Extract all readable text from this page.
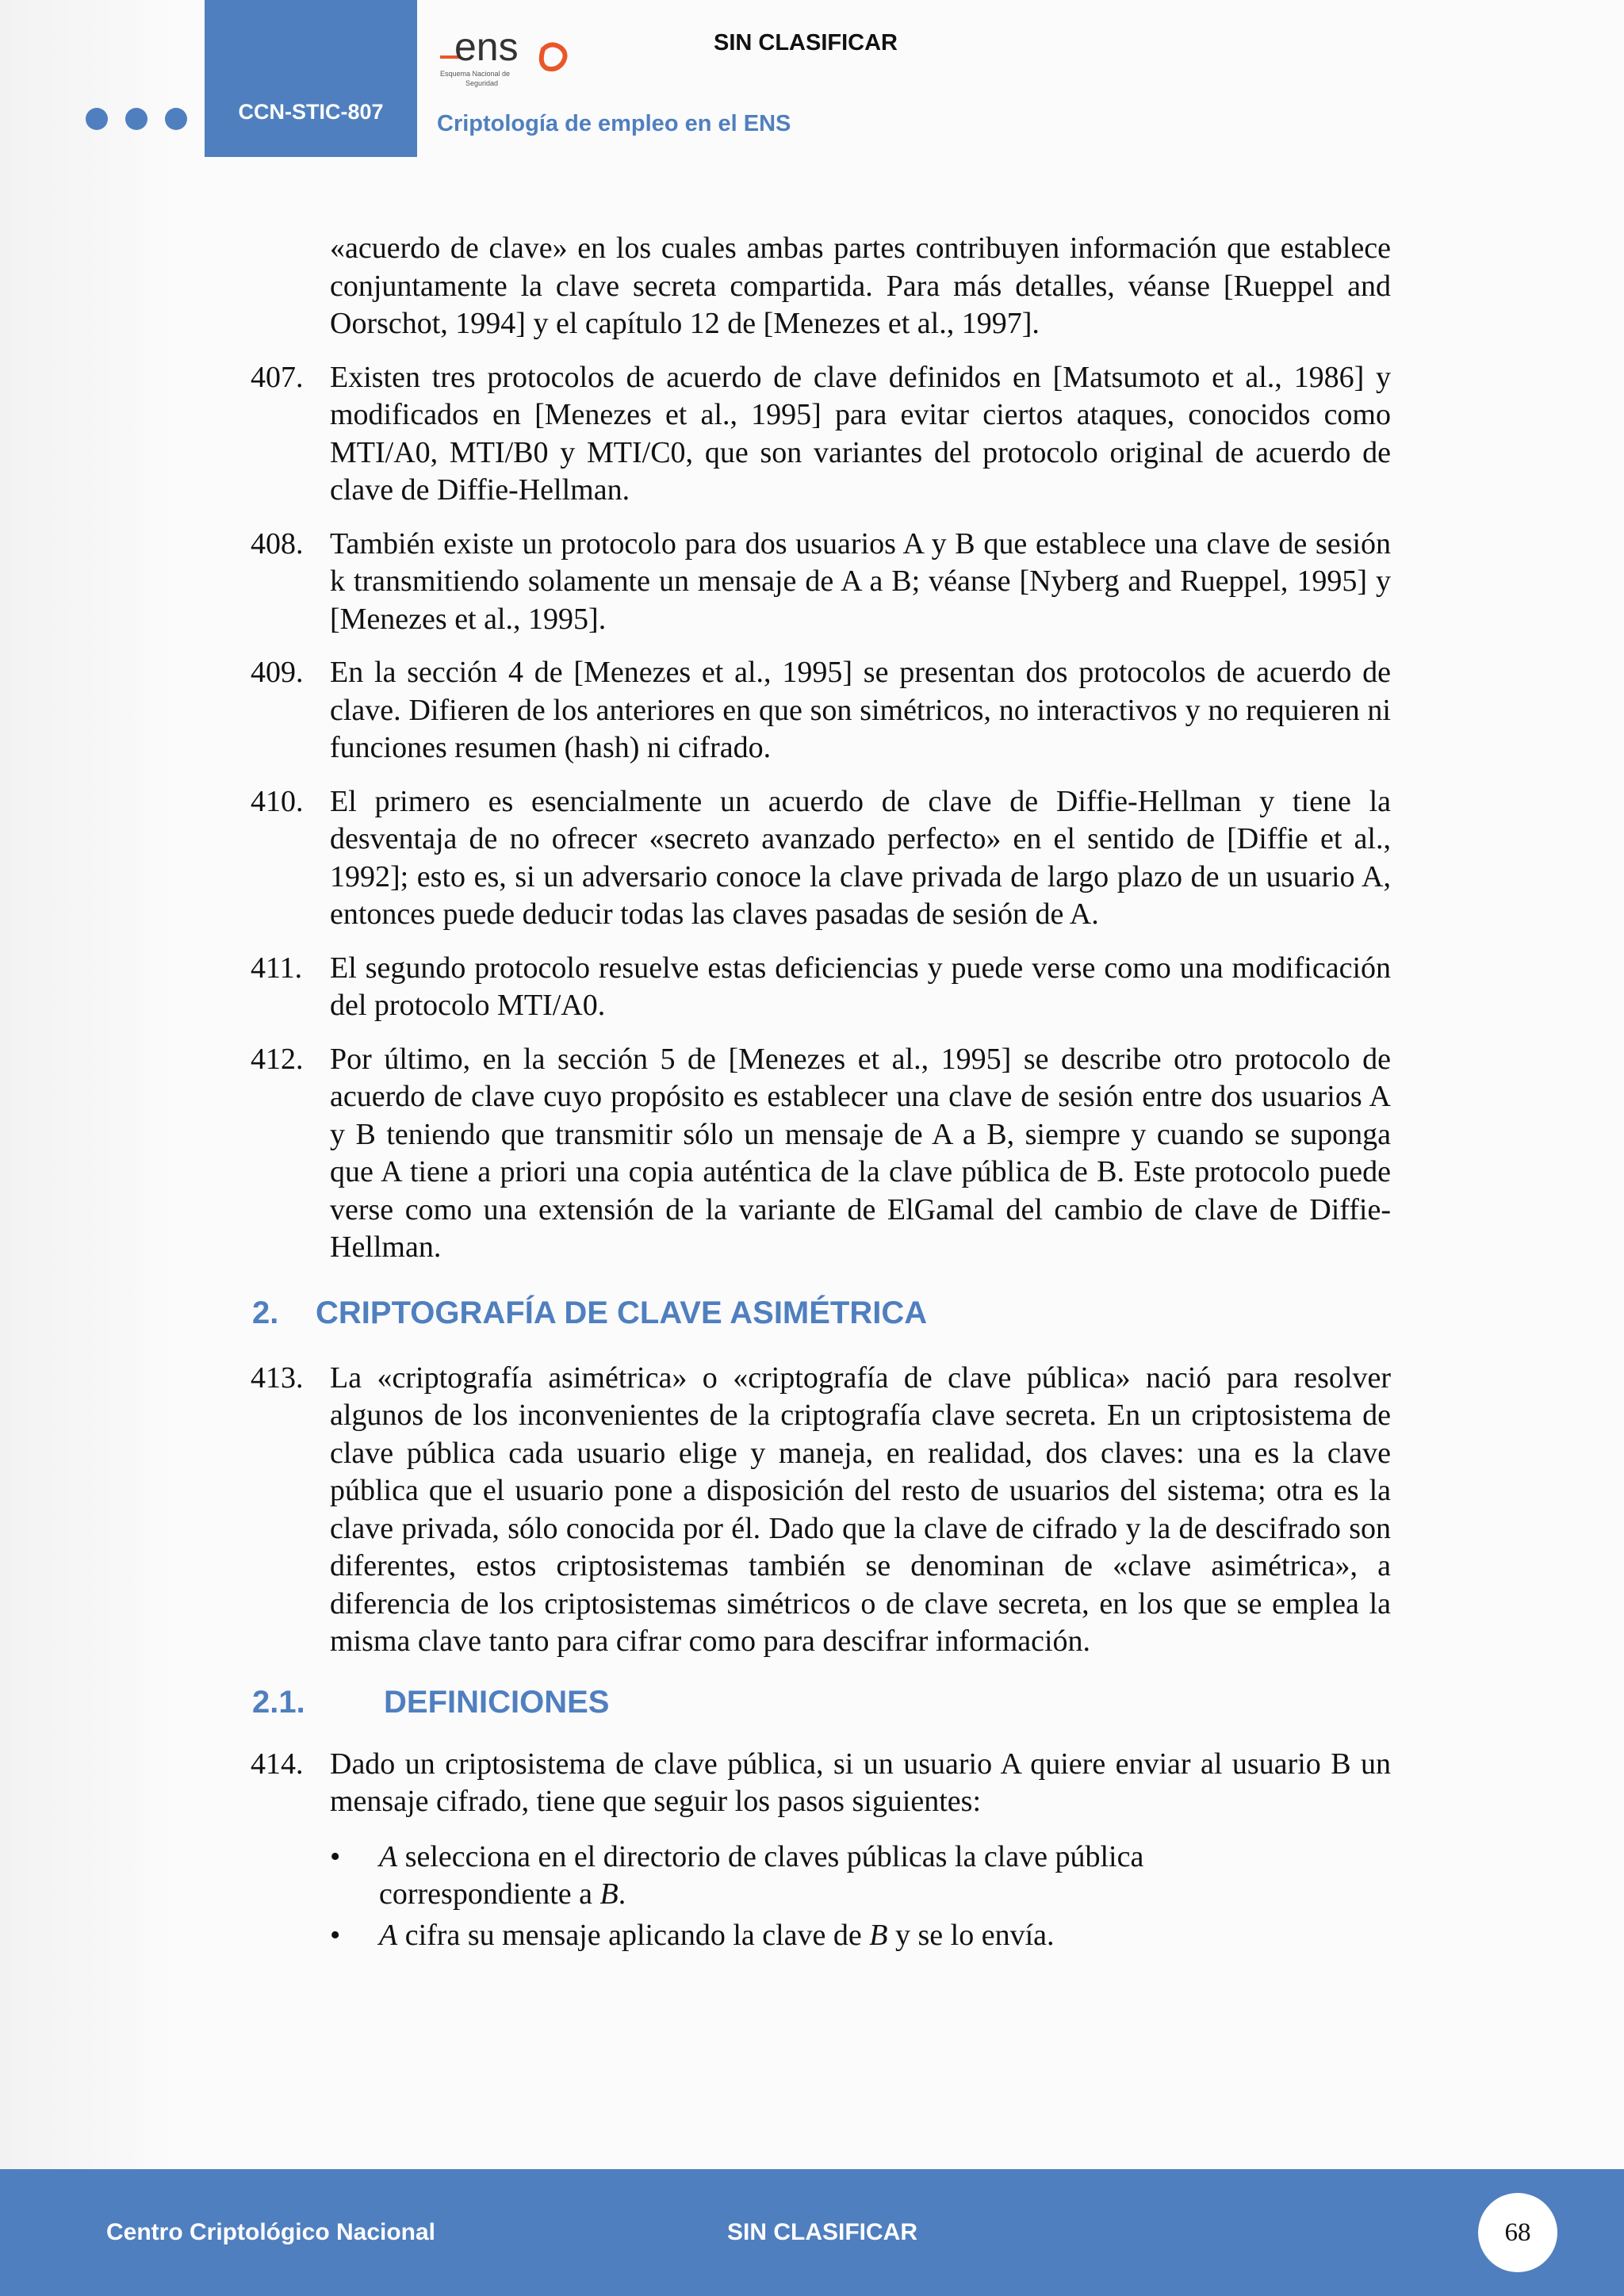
CCN-STIC-807
ens
Esquema Nacional de
Seguridad
SIN CLASIFICAR
Criptología de empleo en el ENS

«acuerdo de clave» en los cuales ambas partes contribuyen información que establece conjuntamente la clave secreta compartida. Para más detalles, véanse [Rueppel and Oorschot, 1994] y el capítulo 12 de [Menezes et al., 1997].

407. Existen tres protocolos de acuerdo de clave definidos en [Matsumoto et al., 1986] y modificados en [Menezes et al., 1995] para evitar ciertos ataques, conocidos como MTI/A0, MTI/B0 y MTI/C0, que son variantes del protocolo original de acuerdo de clave de Diffie-Hellman.

408. También existe un protocolo para dos usuarios A y B que establece una clave de sesión k transmitiendo solamente un mensaje de A a B; véanse [Nyberg and Rueppel, 1995] y [Menezes et al., 1995].

409. En la sección 4 de [Menezes et al., 1995] se presentan dos protocolos de acuerdo de clave. Difieren de los anteriores en que son simétricos, no interactivos y no requieren ni funciones resumen (hash) ni cifrado.

410. El primero es esencialmente un acuerdo de clave de Diffie-Hellman y tiene la desventaja de no ofrecer «secreto avanzado perfecto» en el sentido de [Diffie et al., 1992]; esto es, si un adversario conoce la clave privada de largo plazo de un usuario A, entonces puede deducir todas las claves pasadas de sesión de A.

411. El segundo protocolo resuelve estas deficiencias y puede verse como una modificación del protocolo MTI/A0.

412. Por último, en la sección 5 de [Menezes et al., 1995] se describe otro protocolo de acuerdo de clave cuyo propósito es establecer una clave de sesión entre dos usuarios A y B teniendo que transmitir sólo un mensaje de A a B, siempre y cuando se suponga que A tiene a priori una copia auténtica de la clave pública de B. Este protocolo puede verse como una extensión de la variante de ElGamal del cambio de clave de Diffie-Hellman.

2.	CRIPTOGRAFÍA DE CLAVE ASIMÉTRICA
413. La «criptografía asimétrica» o «criptografía de clave pública» nació para resolver algunos de los inconvenientes de la criptografía clave secreta. En un criptosistema de clave pública cada usuario elige y maneja, en realidad, dos claves: una es la clave pública que el usuario pone a disposición del resto de usuarios del sistema; otra es la clave privada, sólo conocida por él. Dado que la clave de cifrado y la de descifrado son diferentes, estos criptosistemas también se denominan de «clave asimétrica», a diferencia de los criptosistemas simétricos o de clave secreta, en los que se emplea la misma clave tanto para cifrar como para descifrar información.

2.1.	DEFINICIONES
414. Dado un criptosistema de clave pública, si un usuario A quiere enviar al usuario B un mensaje cifrado, tiene que seguir los pasos siguientes:

• A selecciona en el directorio de claves públicas la clave pública correspondiente a B.
• A cifra su mensaje aplicando la clave de B y se lo envía.
Centro Criptológico Nacional	SIN CLASIFICAR	68
